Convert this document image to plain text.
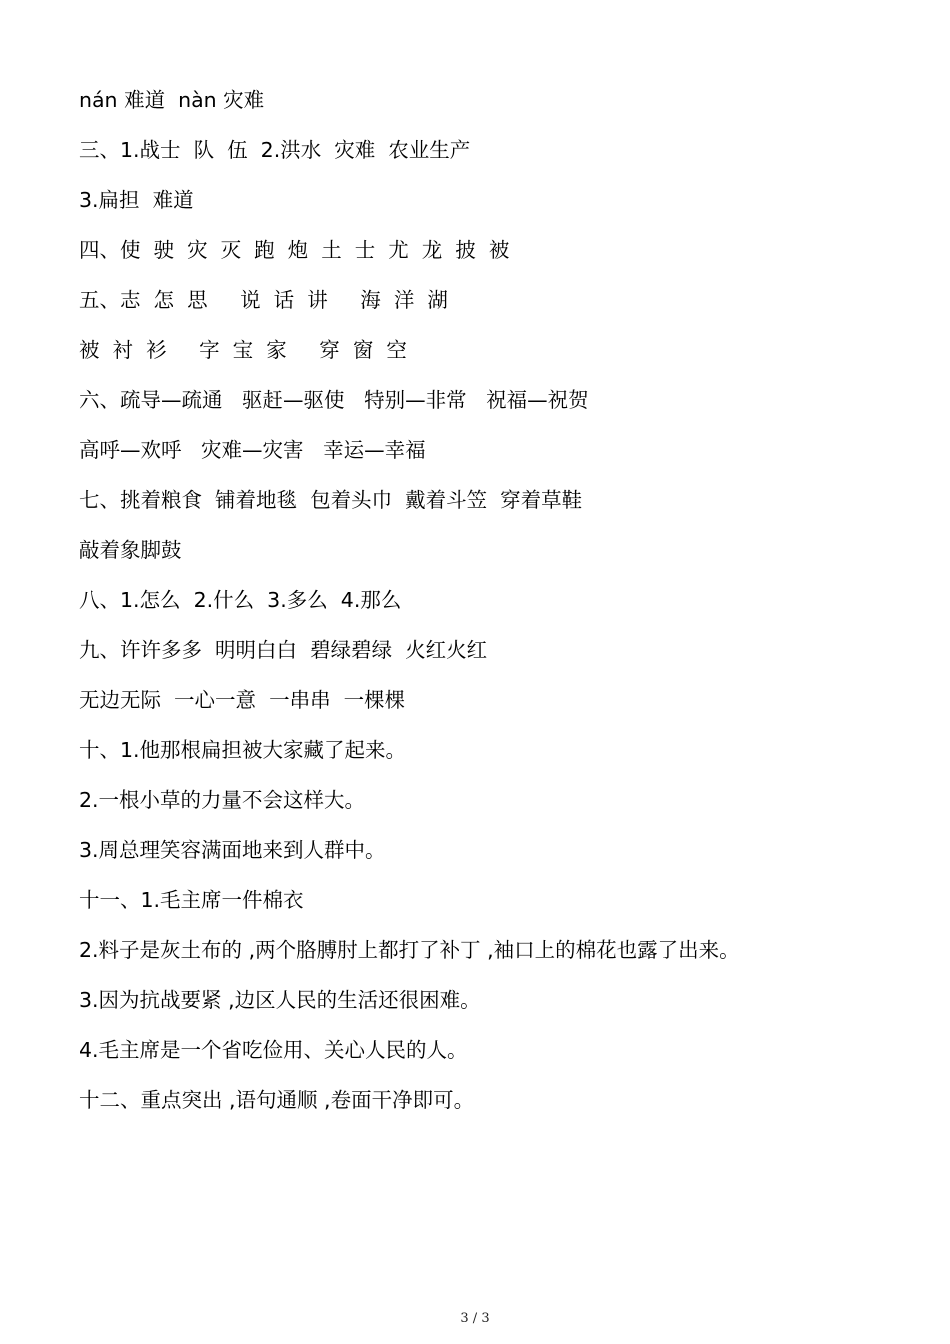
nán 难道  nàn 灾难
三、1.战士  队  伍  2.洪水  灾难  农业生产
3.扁担  难道
四、使  驶  灾  灭  跑  炮  土  士  尤  龙  披  被
五、志  怎  思     说  话  讲     海  洋  湖
被  衬  衫     字  宝  家     穿  窗  空
六、疏导—疏通   驱赶—驱使   特别—非常   祝福—祝贺
高呼—欢呼   灾难—灾害   幸运—幸福
七、挑着粮食  铺着地毯  包着头巾  戴着斗笠  穿着草鞋
敲着象脚鼓
八、1.怎么  2.什么  3.多么  4.那么
九、许许多多  明明白白  碧绿碧绿  火红火红
无边无际  一心一意  一串串  一棵棵
十、1.他那根扁担被大家藏了起来。
2.一根小草的力量不会这样大。
3.周总理笑容满面地来到人群中。
十一、1.毛主席一件棉衣
2.料子是灰土布的 ,两个胳膊肘上都打了补丁 ,袖口上的棉花也露了出来。
3.因为抗战要紧 ,边区人民的生活还很困难。
4.毛主席是一个省吃俭用、关心人民的人。
十二、重点突出 ,语句通顺 ,卷面干净即可。
3 / 3
